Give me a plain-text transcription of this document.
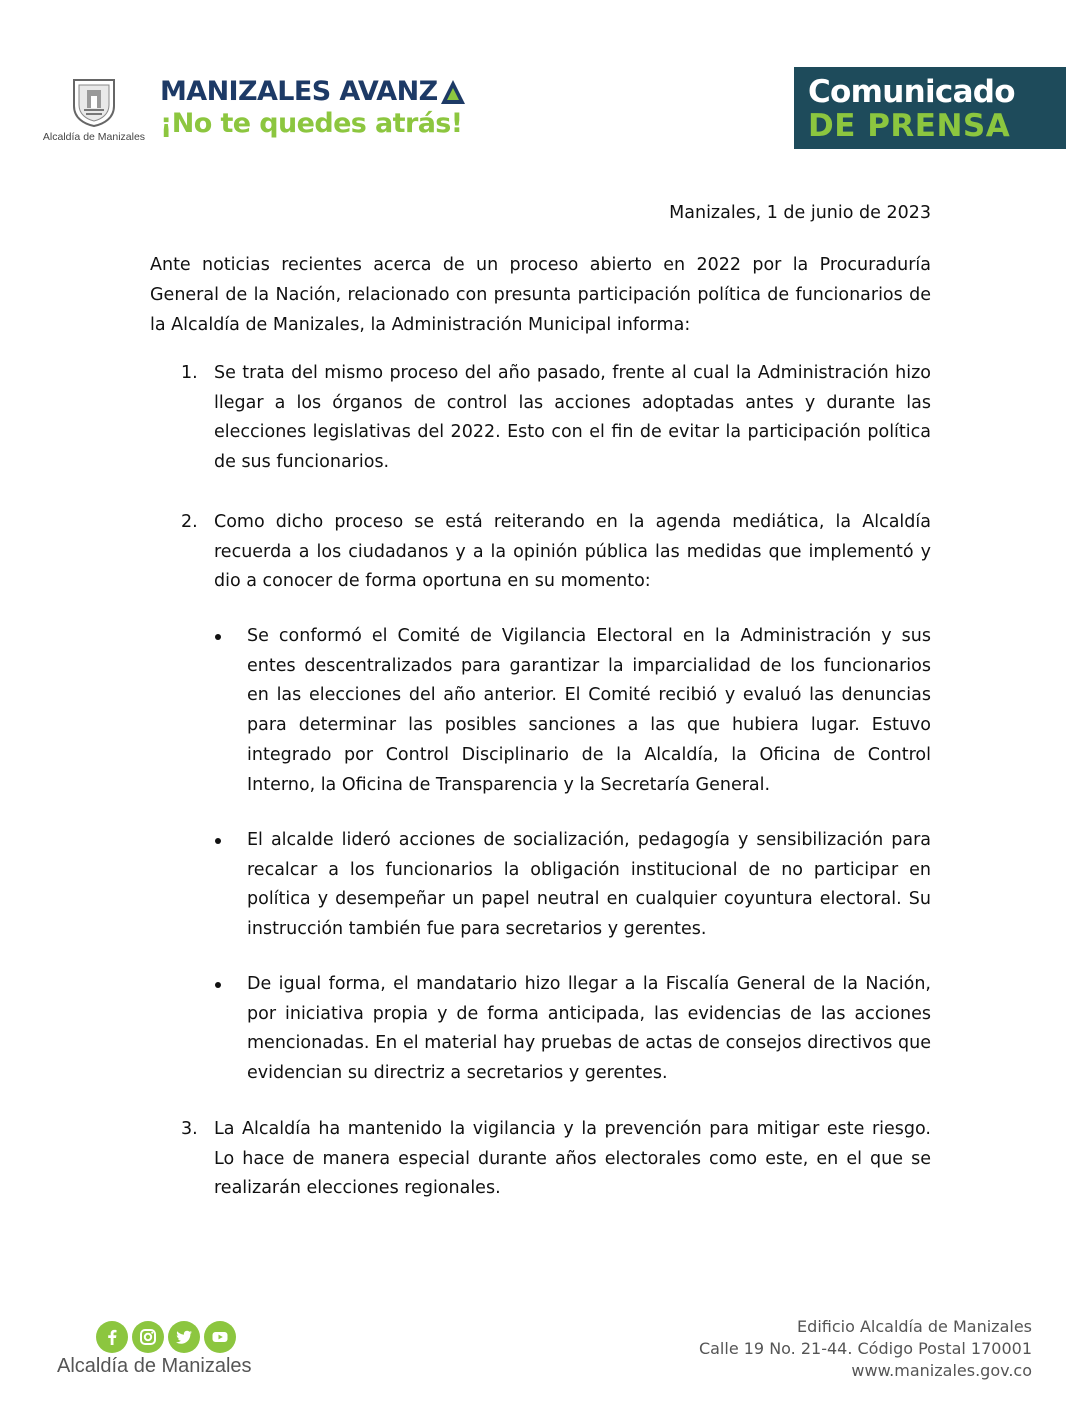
Alcaldía de Manizales
MANIZALES AVANZ
¡No te quedes atrás!
Comunicado
DE PRENSA
Manizales, 1 de junio de 2023

Ante noticias recientes acerca de un proceso abierto en 2022 por la Procuraduría General de la Nación, relacionado con presunta participación política de funcionarios de la Alcaldía de Manizales, la Administración Municipal informa:

1. Se trata del mismo proceso del año pasado, frente al cual la Administración hizo llegar a los órganos de control las acciones adoptadas antes y durante las elecciones legislativas del 2022. Esto con el fin de evitar la participación política de sus funcionarios.

2. Como dicho proceso se está reiterando en la agenda mediática, la Alcaldía recuerda a los ciudadanos y a la opinión pública las medidas que implementó y dio a conocer de forma oportuna en su momento:

Se conformó el Comité de Vigilancia Electoral en la Administración y sus entes descentralizados para garantizar la imparcialidad de los funcionarios en las elecciones del año anterior. El Comité recibió y evaluó las denuncias para determinar las posibles sanciones a las que hubiera lugar. Estuvo integrado por Control Disciplinario de la Alcaldía, la Oficina de Control Interno, la Oficina de Transparencia y la Secretaría General.

El alcalde lideró acciones de socialización, pedagogía y sensibilización para recalcar a los funcionarios la obligación institucional de no participar en política y desempeñar un papel neutral en cualquier coyuntura electoral. Su instrucción también fue para secretarios y gerentes.

De igual forma, el mandatario hizo llegar a la Fiscalía General de la Nación, por iniciativa propia y de forma anticipada, las evidencias de las acciones mencionadas. En el material hay pruebas de actas de consejos directivos que evidencian su directriz a secretarios y gerentes.

3. La Alcaldía ha mantenido la vigilancia y la prevención para mitigar este riesgo. Lo hace de manera especial durante años electorales como este, en el que se realizarán elecciones regionales.

Alcaldía de Manizales
Edificio Alcaldía de Manizales
Calle 19 No. 21-44. Código Postal 170001
www.manizales.gov.co
